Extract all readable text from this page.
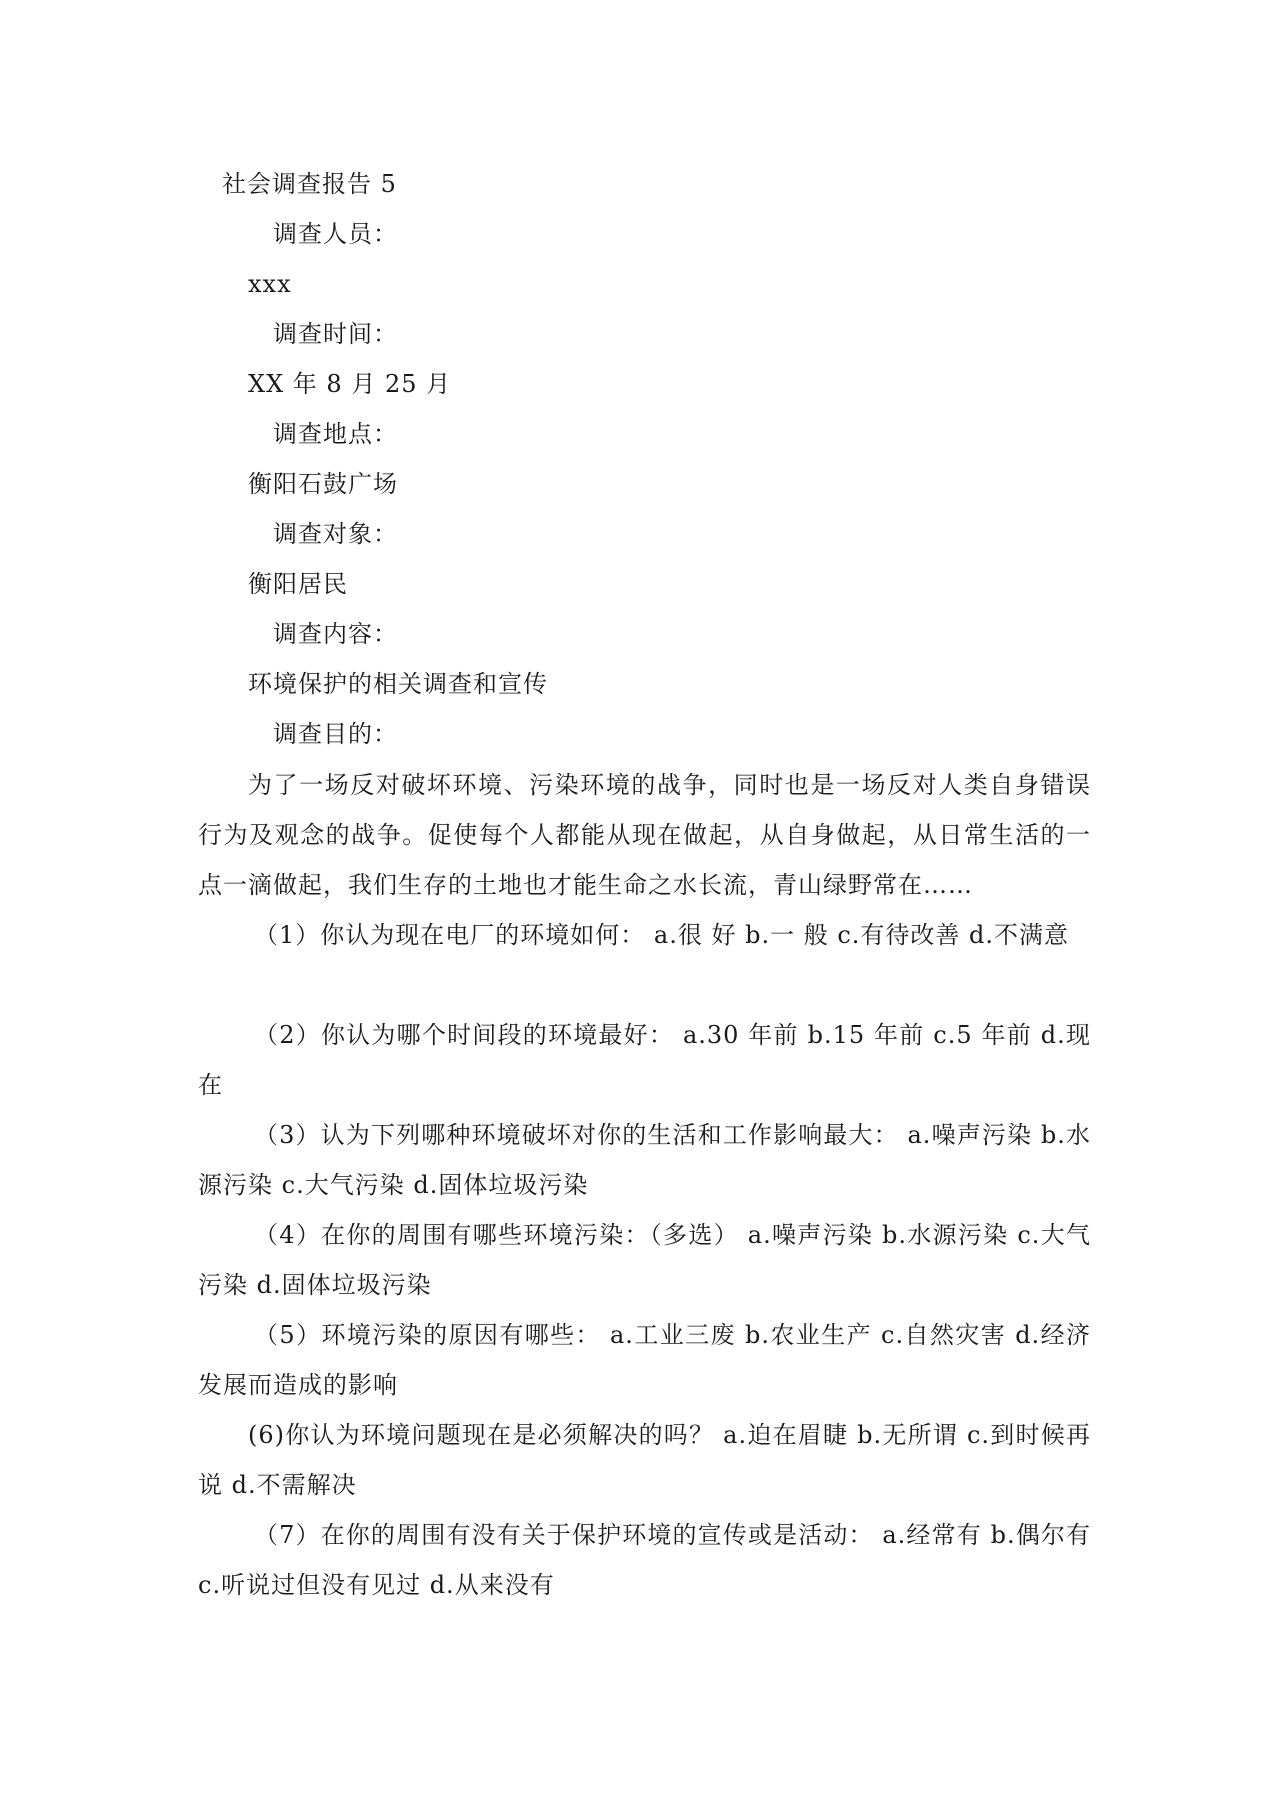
社会调查报告 5
调查人员：
xxx
调查时间：
XX 年 8 月 25 月
调查地点：
衡阳石鼓广场
调查对象：
衡阳居民
调查内容：
环境保护的相关调查和宣传
调查目的：
为了一场反对破坏环境、污染环境的战争，同时也是一场反对人类自身错误行为及观念的战争。促使每个人都能从现在做起，从自身做起，从日常生活的一点一滴做起，我们生存的土地也才能生命之水长流，青山绿野常在……
（1）你认为现在电厂的环境如何： a.很 好 b.一 般 c.有待改善 d.不满意
（2）你认为哪个时间段的环境最好： a.30 年前 b.15 年前 c.5 年前 d.现在
（3）认为下列哪种环境破坏对你的生活和工作影响最大： a.噪声污染 b.水源污染 c.大气污染 d.固体垃圾污染
（4）在你的周围有哪些环境污染：（多选） a.噪声污染 b.水源污染 c.大气污染 d.固体垃圾污染
（5）环境污染的原因有哪些： a.工业三废 b.农业生产 c.自然灾害 d.经济发展而造成的影响
(6)你认为环境问题现在是必须解决的吗？ a.迫在眉睫 b.无所谓 c.到时候再说 d.不需解决
（7）在你的周围有没有关于保护环境的宣传或是活动： a.经常有 b.偶尔有 c.听说过但没有见过 d.从来没有
